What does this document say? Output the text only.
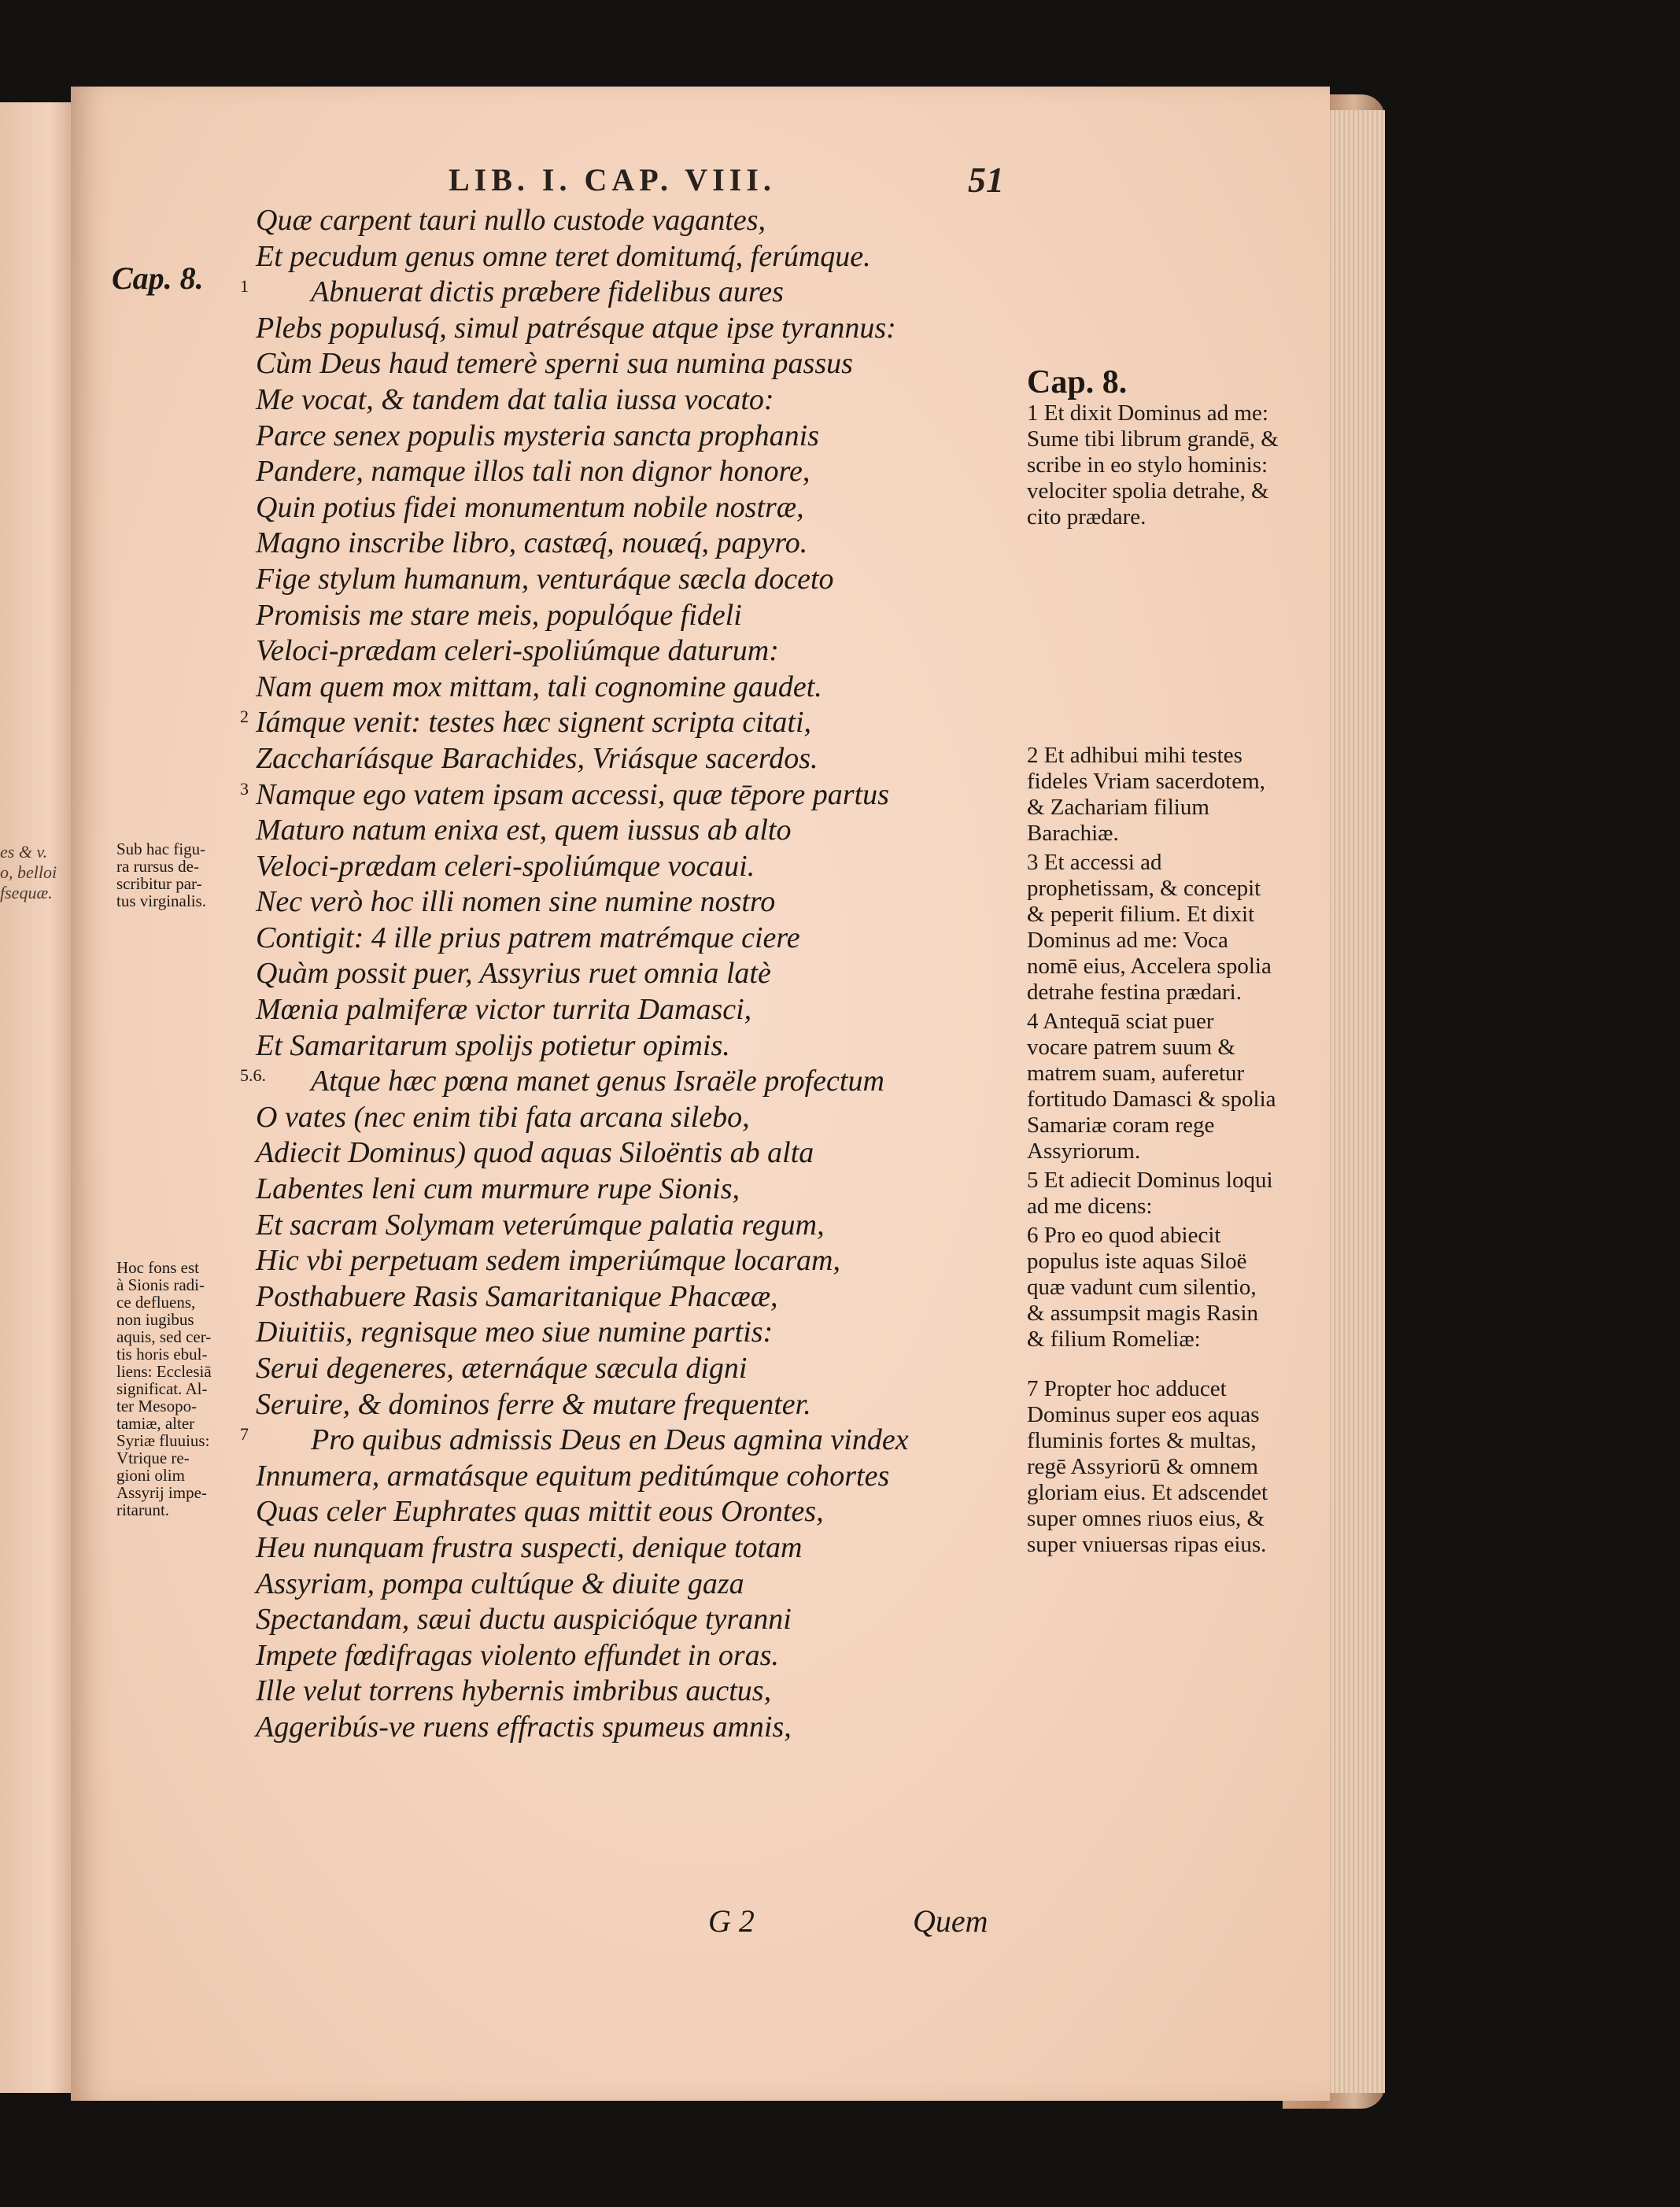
es & v.
o, belloi
fsequæ.
LIB. I. CAP. VIII.	51
Cap. 8.
Sub hac figu-
ra rursus de-
scribitur par-
tus virginalis.
Hoc fons est
à Sionis radi-
ce defluens,
non iugibus
aquis, sed cer-
tis horis ebul-
liens: Ecclesiā
significat. Al-
ter Mesopo-
tamiæ, alter
Syriæ fluuius:
Vtrique re-
gioni olim
Assyrij impe-
ritarunt.
Quæ carpent tauri nullo custode vagantes,
Et pecudum genus omne teret domitumq́, ferúmque.
1 Abnuerat dictis præbere fidelibus aures
Plebs populusq́, simul patrésque atque ipse tyrannus:
Cùm Deus haud temerè sperni sua numina passus
Me vocat, & tandem dat talia iussa vocato:
Parce senex populis mysteria sancta prophanis
Pandere, namque illos tali non dignor honore,
Quin potius fidei monumentum nobile nostræ,
Magno inscribe libro, castæq́, nouæq́, papyro.
Fige stylum humanum, venturáque sæcla doceto
Promisis me stare meis, populóque fideli
Veloci-prædam celeri-spoliúmque daturum:
Nam quem mox mittam, tali cognomine gaudet.
2 Iámque venit: testes hæc signent scripta citati,
Zaccharíásque Barachides, Vriásque sacerdos.
3 Namque ego vatem ipsam accessi, quæ tēpore partus
Maturo natum enixa est, quem iussus ab alto
Veloci-prædam celeri-spoliúmque vocaui.
Nec verò hoc illi nomen sine numine nostro
Contigit: 4 ille prius patrem matrémque ciere
Quàm possit puer, Assyrius ruet omnia latè
Mœnia palmiferæ victor turrita Damasci,
Et Samaritarum spolijs potietur opimis.
5.6. Atque hæc pœna manet genus Israële profectum
O vates (nec enim tibi fata arcana silebo,
Adiecit Dominus) quod aquas Siloëntis ab alta
Labentes leni cum murmure rupe Sionis,
Et sacram Solymam veterúmque palatia regum,
Hic vbi perpetuam sedem imperiúmque locaram,
Posthabuere Rasis Samaritanique Phacææ,
Diuitiis, regnisque meo siue numine partis:
Serui degeneres, æternáque sæcula digni
Seruire, & dominos ferre & mutare frequenter.
7 Pro quibus admissis Deus en Deus agmina vindex
Innumera, armatásque equitum peditúmque cohortes
Quas celer Euphrates quas mittit eous Orontes,
Heu nunquam frustra suspecti, denique totam
Assyriam, pompa cultúque & diuite gaza
Spectandam, sæui ductu auspicióque tyranni
Impete fœdifragas violento effundet in oras.
Ille velut torrens hybernis imbribus auctus,
Aggeribús-ve ruens effractis spumeus amnis,
Cap. 8.
1 Et dixit Dominus ad me: Sume tibi librum grandē, & scribe in eo stylo hominis: velociter spolia detrahe, & cito prædare.
2 Et adhibui mihi testes fideles Vriam sacerdotem, & Zachariam filium Barachiæ.
3 Et accessi ad prophetissam, & concepit & peperit filium. Et dixit Dominus ad me: Voca nomē eius, Accelera spolia detrahe festina prædari.
4 Antequā sciat puer vocare patrem suum & matrem suam, auferetur fortitudo Damasci & spolia Samariæ coram rege Assyriorum.
5 Et adiecit Dominus loqui ad me dicens:
6 Pro eo quod abiecit populus iste aquas Siloë quæ vadunt cum silentio, & assumpsit magis Rasin & filium Romeliæ:
7 Propter hoc adducet Dominus super eos aquas fluminis fortes & multas, regē Assyriorū & omnem gloriam eius. Et adscendet super omnes riuos eius, & super vniuersas ripas eius.
G 2	Quem
